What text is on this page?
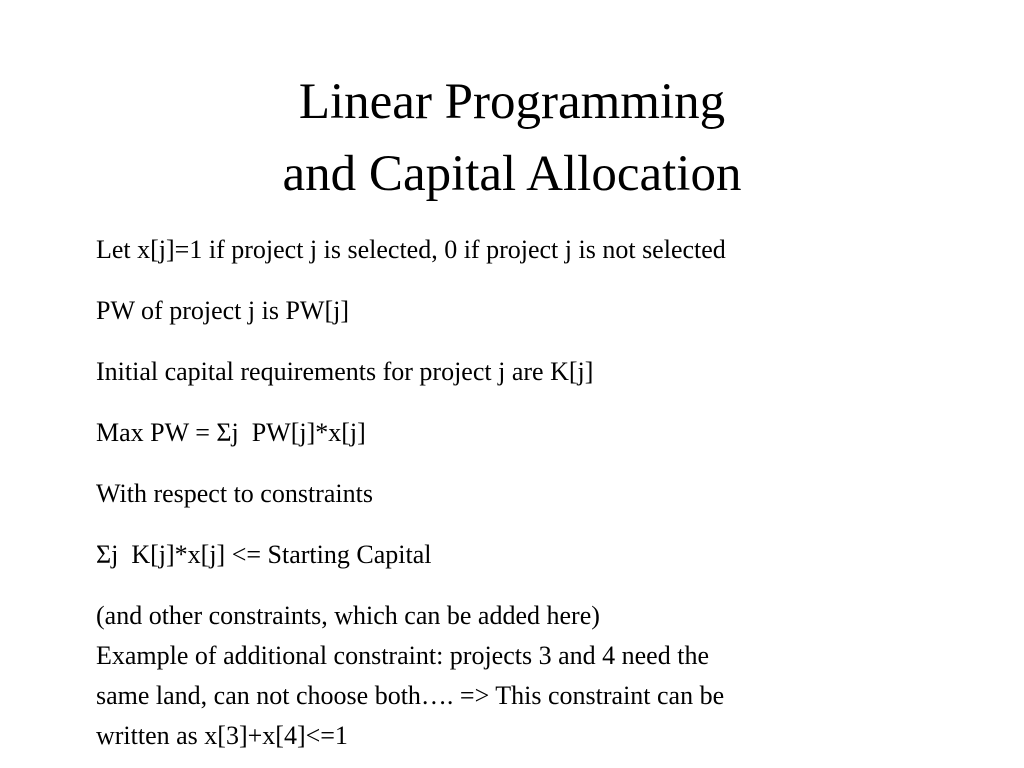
Linear Programming
and Capital Allocation
Let x[j]=1 if project j is selected, 0 if project j is not selected
PW of project j is PW[j]
Initial capital requirements for project j are K[j]
Max PW = Σj  PW[j]*x[j]
With respect to constraints
Σj  K[j]*x[j] <= Starting Capital
(and other constraints, which can be added here)
Example of additional constraint: projects 3 and 4 need the
same land, can not choose both…. => This constraint can be
written as x[3]+x[4]<=1
